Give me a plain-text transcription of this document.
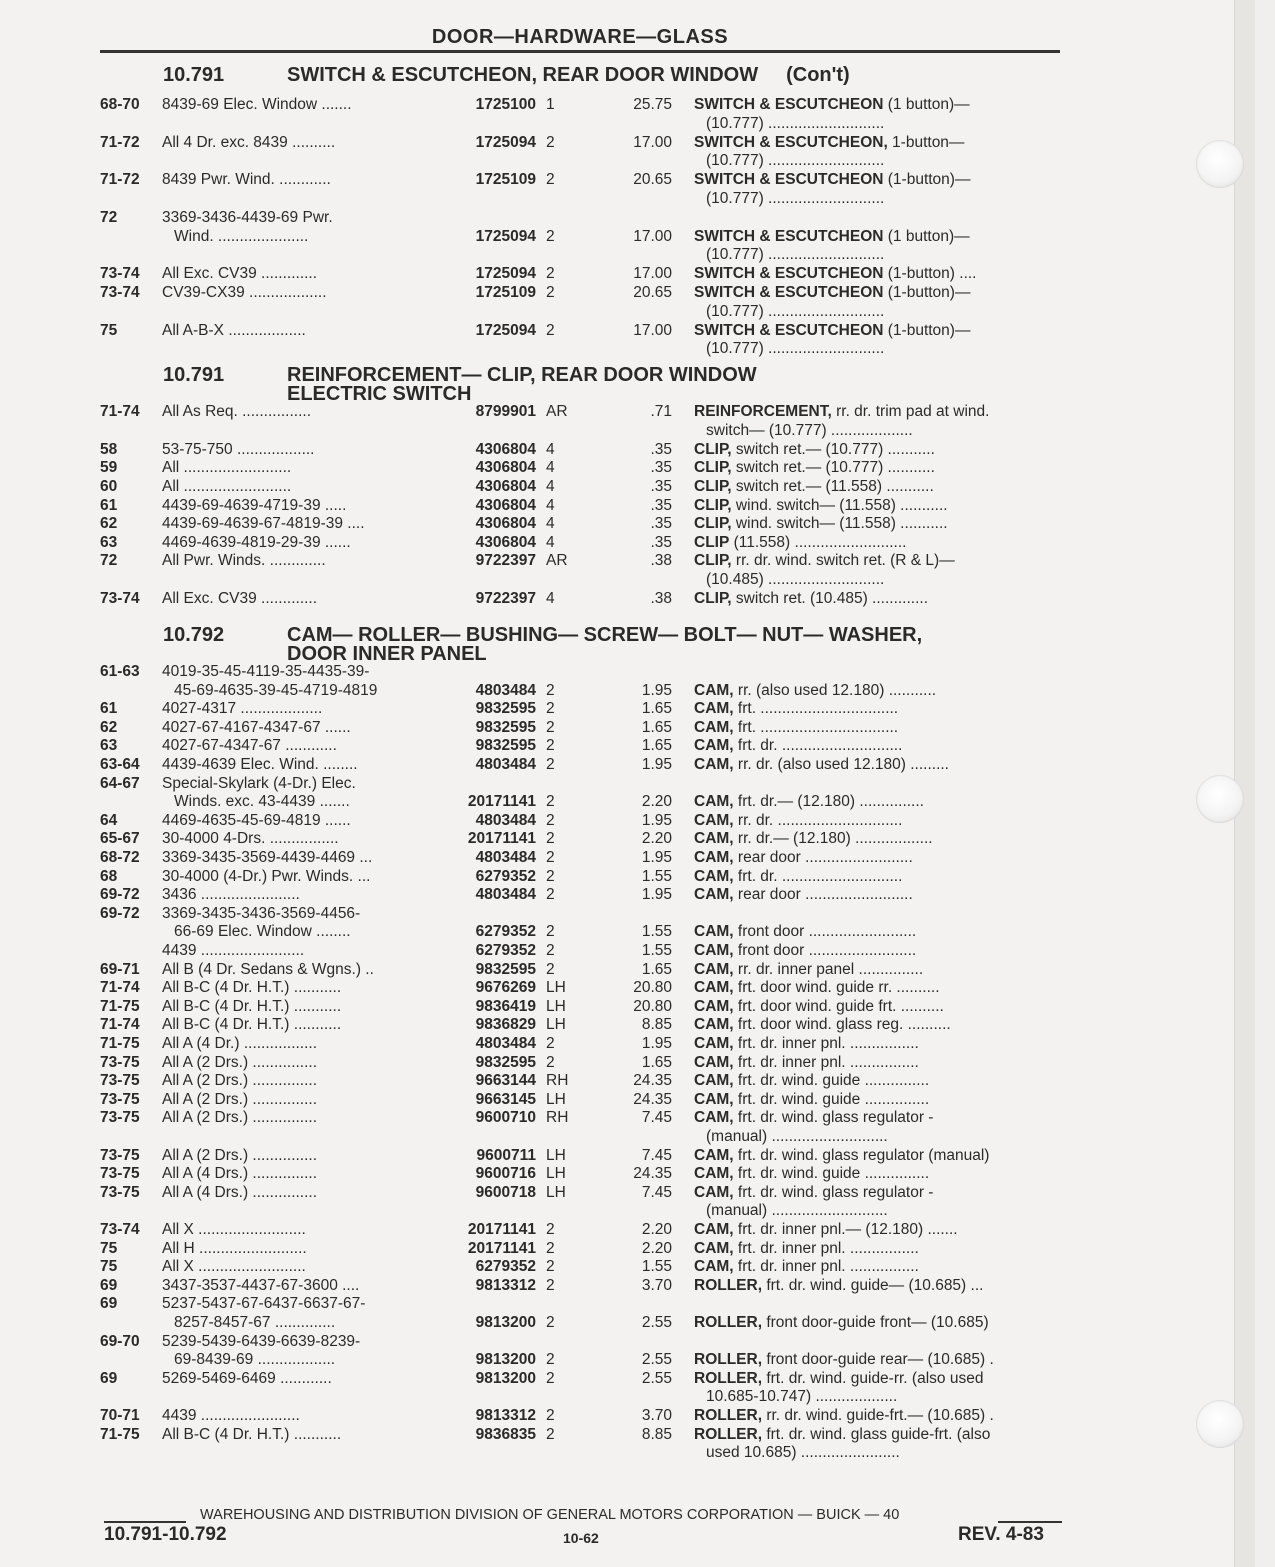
DOOR—HARDWARE—GLASS
10.791	SWITCH & ESCUTCHEON, REAR DOOR WINDOW (Con't)
68-70 8439-69 Elec. Window .......	1725100 1	25.75 SWITCH & ESCUTCHEON (1 button)—
(10.777) ...........................
71-72 All 4 Dr. exc. 8439 ..........	1725094 2	17.00 SWITCH & ESCUTCHEON, 1-button—
(10.777) ...........................
71-72 8439 Pwr. Wind. ............	1725109 2	20.65 SWITCH & ESCUTCHEON (1-button)—
(10.777) ...........................
72	3369-3436-4439-69 Pwr.
Wind. .....................	1725094 2	17.00 SWITCH & ESCUTCHEON (1 button)—
(10.777) ...........................
73-74 All Exc. CV39 .............	1725094 2	17.00 SWITCH & ESCUTCHEON (1-button) ....
73-74 CV39-CX39 ..................	1725109 2	20.65 SWITCH & ESCUTCHEON (1-button)—
(10.777) ...........................
75	All A-B-X ..................	1725094 2	17.00 SWITCH & ESCUTCHEON (1-button)—
(10.777) ...........................
10.791	REINFORCEMENT— CLIP, REAR DOOR WINDOW
ELECTRIC SWITCH
71-74 All As Req. ................	8799901 AR	.71 REINFORCEMENT, rr. dr. trim pad at wind.
switch— (10.777) ...................
58	53-75-750 ..................	4306804 4	.35 CLIP, switch ret.— (10.777) ...........
59	All .........................	4306804 4	.35 CLIP, switch ret.— (10.777) ...........
60	All .........................	4306804 4	.35 CLIP, switch ret.— (11.558) ...........
61	4439-69-4639-4719-39 .....	4306804 4	.35 CLIP, wind. switch— (11.558) ...........
62	4439-69-4639-67-4819-39 ....	4306804 4	.35 CLIP, wind. switch— (11.558) ...........
63	4469-4639-4819-29-39 ......	4306804 4	.35 CLIP (11.558) ..........................
72	All Pwr. Winds. .............	9722397 AR	.38 CLIP, rr. dr. wind. switch ret. (R & L)—
(10.485) ...........................
73-74 All Exc. CV39 .............	9722397 4	.38 CLIP, switch ret. (10.485) .............
10.792	CAM— ROLLER— BUSHING— SCREW— BOLT— NUT— WASHER,
DOOR INNER PANEL
61-63 4019-35-45-4119-35-4435-39-
45-69-4635-39-45-4719-4819	4803484 2	1.95 CAM, rr. (also used 12.180) ...........
61	4027-4317 ...................	9832595 2	1.65 CAM, frt. ................................
62	4027-67-4167-4347-67 ......	9832595 2	1.65 CAM, frt. ................................
63	4027-67-4347-67 ............	9832595 2	1.65 CAM, frt. dr. ............................
63-64 4439-4639 Elec. Wind. ........	4803484 2	1.95 CAM, rr. dr. (also used 12.180) .........
64-67 Special-Skylark (4-Dr.) Elec.
Winds. exc. 43-4439 .......	20171141 2	2.20 CAM, frt. dr.— (12.180) ...............
64	4469-4635-45-69-4819 ......	4803484 2	1.95 CAM, rr. dr. .............................
65-67 30-4000 4-Drs. ................	20171141 2	2.20 CAM, rr. dr.— (12.180) ..................
68-72 3369-3435-3569-4439-4469 ...	4803484 2	1.95 CAM, rear door .........................
68	30-4000 (4-Dr.) Pwr. Winds. ...	6279352 2	1.55 CAM, frt. dr. ............................
69-72 3436 .......................	4803484 2	1.95 CAM, rear door .........................
69-72 3369-3435-3436-3569-4456-
66-69 Elec. Window ........	6279352 2	1.55 CAM, front door .........................
4439 ........................	6279352 2	1.55 CAM, front door .........................
69-71 All B (4 Dr. Sedans & Wgns.) ..	9832595 2	1.65 CAM, rr. dr. inner panel ...............
71-74 All B-C (4 Dr. H.T.) ...........	9676269 LH	20.80 CAM, frt. door wind. guide rr. ..........
71-75 All B-C (4 Dr. H.T.) ...........	9836419 LH	20.80 CAM, frt. door wind. guide frt. ..........
71-74 All B-C (4 Dr. H.T.) ...........	9836829 LH	8.85 CAM, frt. door wind. glass reg. ..........
71-75 All A (4 Dr.) .................	4803484 2	1.95 CAM, frt. dr. inner pnl. ................
73-75 All A (2 Drs.) ...............	9832595 2	1.65 CAM, frt. dr. inner pnl. ................
73-75 All A (2 Drs.) ...............	9663144 RH	24.35 CAM, frt. dr. wind. guide ...............
73-75 All A (2 Drs.) ...............	9663145 LH	24.35 CAM, frt. dr. wind. guide ...............
73-75 All A (2 Drs.) ...............	9600710 RH	7.45 CAM, frt. dr. wind. glass regulator -
(manual) ...........................
73-75 All A (2 Drs.) ...............	9600711 LH	7.45 CAM, frt. dr. wind. glass regulator (manual)
73-75 All A (4 Drs.) ...............	9600716 LH	24.35 CAM, frt. dr. wind. guide ...............
73-75 All A (4 Drs.) ...............	9600718 LH	7.45 CAM, frt. dr. wind. glass regulator -
(manual) ...........................
73-74 All X .........................	20171141 2	2.20 CAM, frt. dr. inner pnl.— (12.180) .......
75	All H .........................	20171141 2	2.20 CAM, frt. dr. inner pnl. ................
75	All X .........................	6279352 2	1.55 CAM, frt. dr. inner pnl. ................
69	3437-3537-4437-67-3600 ....	9813312 2	3.70 ROLLER, frt. dr. wind. guide— (10.685) ...
69	5237-5437-67-6437-6637-67-
8257-8457-67 ..............	9813200 2	2.55 ROLLER, front door-guide front— (10.685)
69-70 5239-5439-6439-6639-8239-
69-8439-69 ..................	9813200 2	2.55 ROLLER, front door-guide rear— (10.685) .
69	5269-5469-6469 ............	9813200 2	2.55 ROLLER, frt. dr. wind. guide-rr. (also used
10.685-10.747) ...................
70-71 4439 .......................	9813312 2	3.70 ROLLER, rr. dr. wind. guide-frt.— (10.685) .
71-75 All B-C (4 Dr. H.T.) ...........	9836835 2	8.85 ROLLER, frt. dr. wind. glass guide-frt. (also
used 10.685) .......................
WAREHOUSING AND DISTRIBUTION DIVISION OF GENERAL MOTORS CORPORATION — BUICK — 40
10.791-10.792	10-62	REV. 4-83
